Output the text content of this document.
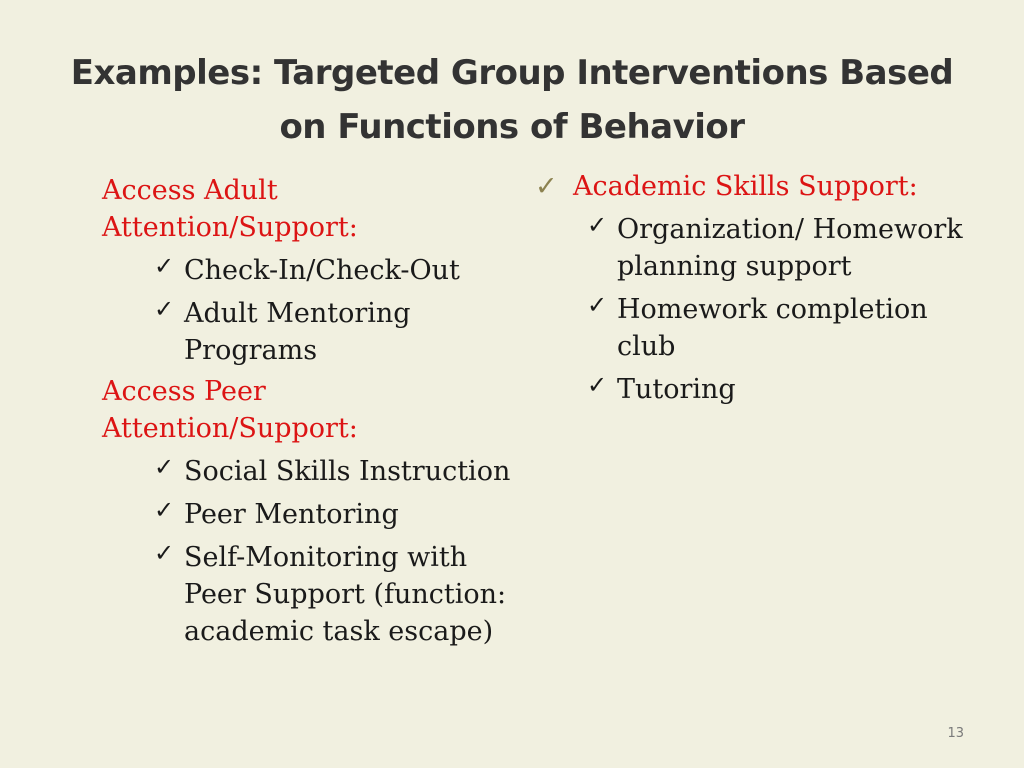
Examples: Targeted Group Interventions Based
on Functions of Behavior

Access Adult Attention/Support:

✓ Check-In/Check-Out
✓ Adult Mentoring Programs

Access Peer Attention/Support:

✓ Social Skills Instruction
✓ Peer Mentoring
✓ Self-Monitoring with Peer Support (function: academic task escape)
✓ Academic Skills Support:
✓ Organization/ Homework planning support
✓ Homework completion club
✓ Tutoring
13
